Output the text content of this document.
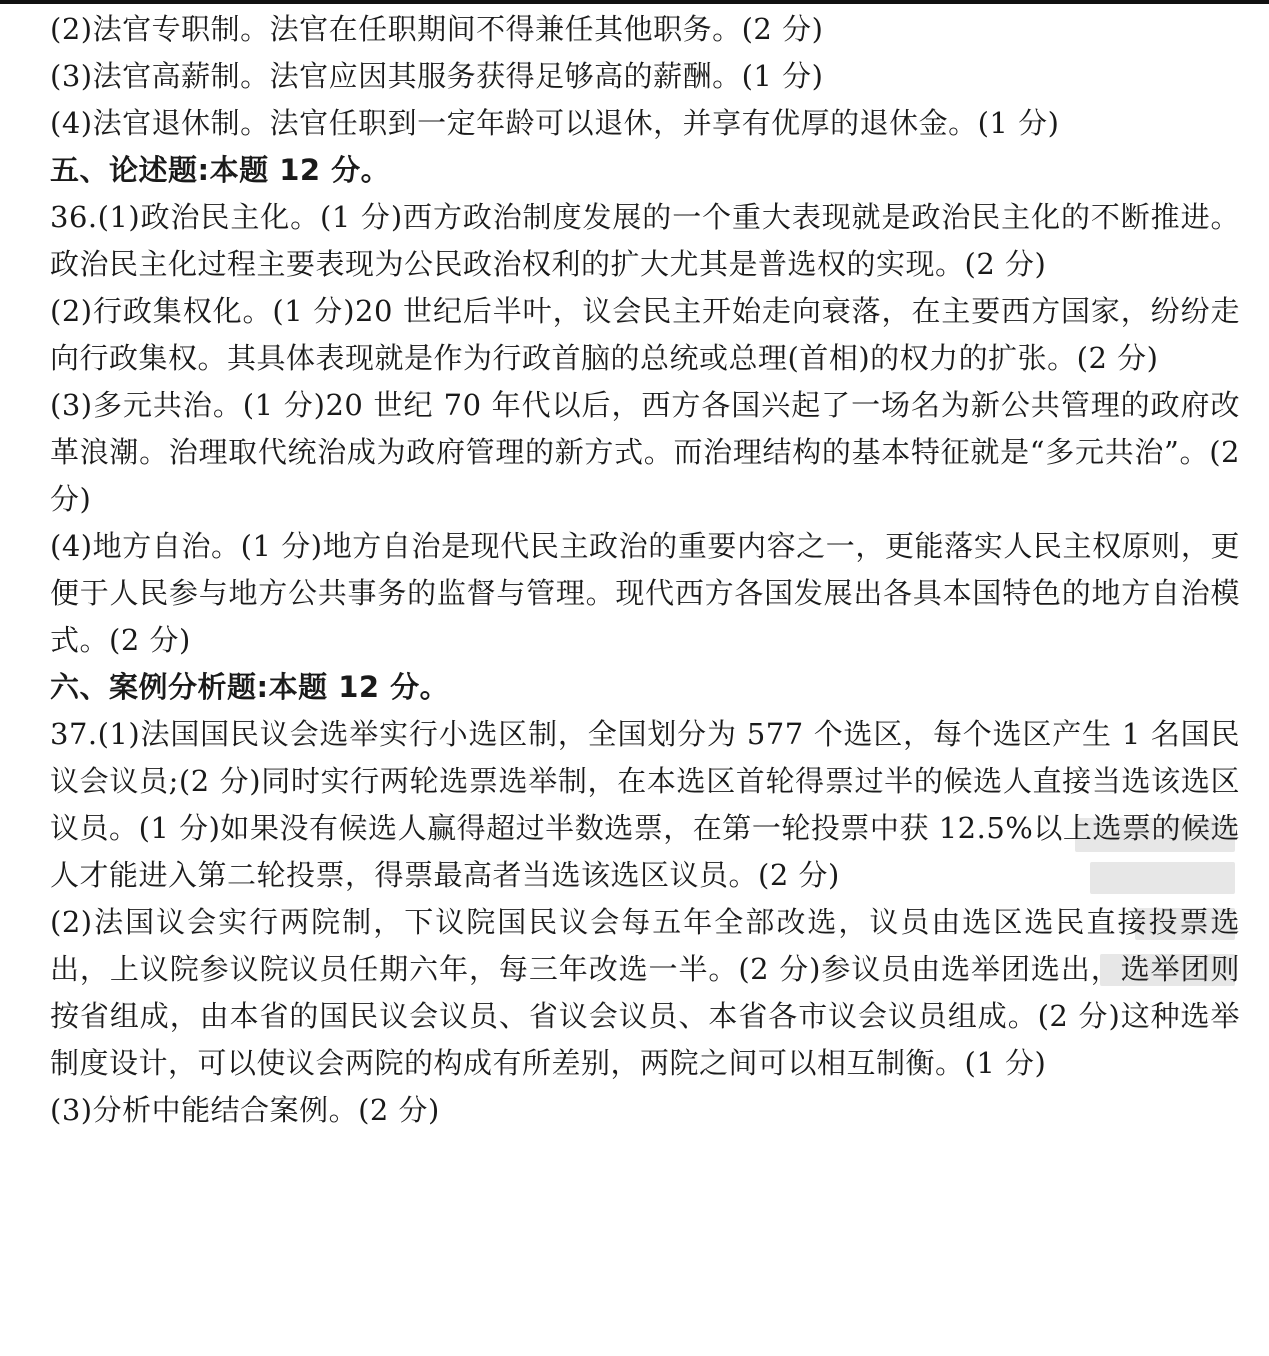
(2)法官专职制。法官在任职期间不得兼任其他职务。(2 分)

(3)法官高薪制。法官应因其服务获得足够高的薪酬。(1 分)

(4)法官退休制。法官任职到一定年龄可以退休，并享有优厚的退休金。(1 分)

五、论述题:本题 12 分。

36.(1)政治民主化。(1 分)西方政治制度发展的一个重大表现就是政治民主化的不断推进。政治民主化过程主要表现为公民政治权利的扩大尤其是普选权的实现。(2 分)

(2)行政集权化。(1 分)20 世纪后半叶，议会民主开始走向衰落，在主要西方国家，纷纷走向行政集权。其具体表现就是作为行政首脑的总统或总理(首相)的权力的扩张。(2 分)

(3)多元共治。(1 分)20 世纪 70 年代以后，西方各国兴起了一场名为新公共管理的政府改革浪潮。治理取代统治成为政府管理的新方式。而治理结构的基本特征就是“多元共治”。(2 分)

(4)地方自治。(1 分)地方自治是现代民主政治的重要内容之一，更能落实人民主权原则，更便于人民参与地方公共事务的监督与管理。现代西方各国发展出各具本国特色的地方自治模式。(2 分)

六、案例分析题:本题 12 分。

37.(1)法国国民议会选举实行小选区制，全国划分为 577 个选区，每个选区产生 1 名国民议会议员;(2 分)同时实行两轮选票选举制，在本选区首轮得票过半的候选人直接当选该选区议员。(1 分)如果没有候选人赢得超过半数选票，在第一轮投票中获 12.5%以上选票的候选人才能进入第二轮投票，得票最高者当选该选区议员。(2 分)

(2)法国议会实行两院制，下议院国民议会每五年全部改选，议员由选区选民直接投票选出，上议院参议院议员任期六年，每三年改选一半。(2 分)参议员由选举团选出，选举团则按省组成，由本省的国民议会议员、省议会议员、本省各市议会议员组成。(2 分)这种选举制度设计，可以使议会两院的构成有所差别，两院之间可以相互制衡。(1 分)

(3)分析中能结合案例。(2 分)
